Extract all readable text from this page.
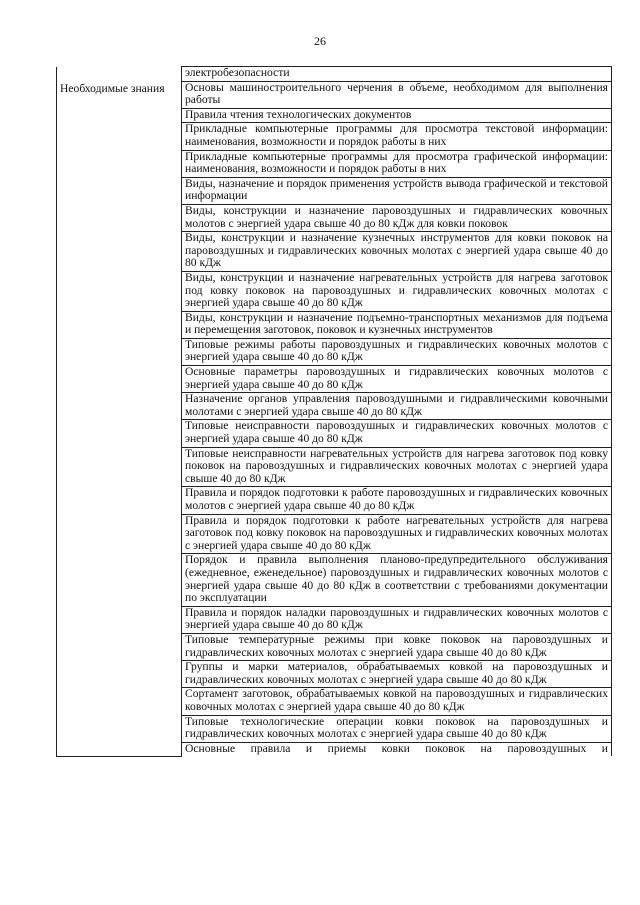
26
	электробезопасности
Необходимые знания	Основы машиностроительного черчения в объеме, необходимом для выполнения работы
	Правила чтения технологических документов
	Прикладные компьютерные программы для просмотра текстовой информации: наименования, возможности и порядок работы в них
	Прикладные компьютерные программы для просмотра графической информации: наименования, возможности и порядок работы в них
	Виды, назначение и порядок применения устройств вывода графической и текстовой информации
	Виды, конструкции и назначение паровоздушных и гидравлических ковочных молотов с энергией удара свыше 40 до 80 кДж для ковки поковок
	Виды, конструкции и назначение кузнечных инструментов для ковки поковок на паровоздушных и гидравлических ковочных молотах с энергией удара свыше 40 до 80 кДж
	Виды, конструкции и назначение нагревательных устройств для нагрева заготовок под ковку поковок на паровоздушных и гидравлических ковочных молотах с энергией удара свыше 40 до 80 кДж
	Виды, конструкции и назначение подъемно-транспортных механизмов для подъема и перемещения заготовок, поковок и кузнечных инструментов
	Типовые режимы работы паровоздушных и гидравлических ковочных молотов с энергией удара свыше 40 до 80 кДж
	Основные параметры паровоздушных и гидравлических ковочных молотов с энергией удара свыше 40 до 80 кДж
	Назначение органов управления паровоздушными и гидравлическими ковочными молотами с энергией удара свыше 40 до 80 кДж
	Типовые неисправности паровоздушных и гидравлических ковочных молотов с энергией удара свыше 40 до 80 кДж
	Типовые неисправности нагревательных устройств для нагрева заготовок под ковку поковок на паровоздушных и гидравлических ковочных молотах с энергией удара свыше 40 до 80 кДж
	Правила и порядок подготовки к работе паровоздушных и гидравлических ковочных молотов с энергией удара свыше 40 до 80 кДж
	Правила и порядок подготовки к работе нагревательных устройств для нагрева заготовок под ковку поковок на паровоздушных и гидравлических ковочных молотах с энергией удара свыше 40 до 80 кДж
	Порядок и правила выполнения планово-предупредительного обслуживания (ежедневное, еженедельное) паровоздушных и гидравлических ковочных молотов с энергией удара свыше 40 до 80 кДж в соответствии с требованиями документации по эксплуатации
	Правила и порядок наладки паровоздушных и гидравлических ковочных молотов с энергией удара свыше 40 до 80 кДж
	Типовые температурные режимы при ковке поковок на паровоздушных и гидравлических ковочных молотах с энергией удара свыше 40 до 80 кДж
	Группы и марки материалов, обрабатываемых ковкой на паровоздушных и гидравлических ковочных молотах с энергией удара свыше 40 до 80 кДж
	Сортамент заготовок, обрабатываемых ковкой на паровоздушных и гидравлических ковочных молотах с энергией удара свыше 40 до 80 кДж
	Типовые технологические операции ковки поковок на паровоздушных и гидравлических ковочных молотах с энергией удара свыше 40 до 80 кДж
	Основные правила и приемы ковки поковок на паровоздушных и
